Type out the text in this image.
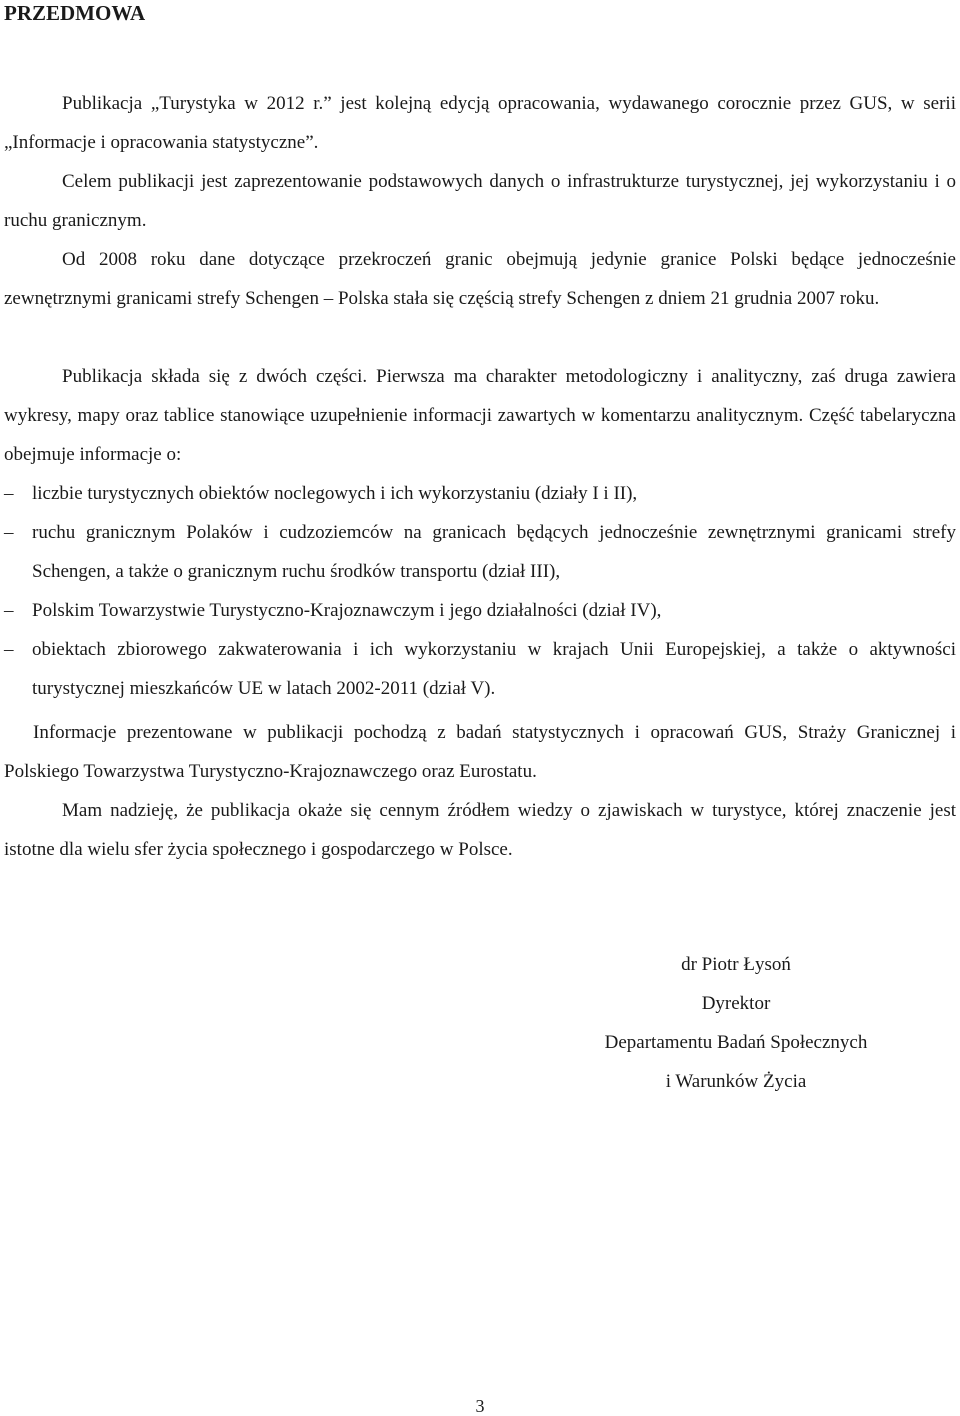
PRZEDMOWA

Publikacja „Turystyka w 2012 r.” jest kolejną edycją opracowania, wydawanego corocznie przez GUS, w serii „Informacje i opracowania statystyczne”.

Celem publikacji jest zaprezentowanie podstawowych danych o infrastrukturze turystycznej, jej wykorzystaniu i o ruchu granicznym.

Od 2008 roku dane dotyczące przekroczeń granic obejmują jedynie granice Polski będące jednocześnie zewnętrznymi granicami strefy Schengen – Polska stała się częścią strefy Schengen z dniem 21 grudnia 2007 roku.

Publikacja składa się z dwóch części. Pierwsza ma charakter metodologiczny i analityczny, zaś druga zawiera wykresy, mapy oraz tablice stanowiące uzupełnienie informacji zawartych w komentarzu analitycznym. Część tabelaryczna obejmuje informacje o:

– liczbie turystycznych obiektów noclegowych i ich wykorzystaniu (działy I i II),
– ruchu granicznym Polaków i cudzoziemców na granicach będących jednocześnie zewnętrznymi granicami strefy Schengen, a także o granicznym ruchu środków transportu (dział III),
– Polskim Towarzystwie Turystyczno-Krajoznawczym i jego działalności (dział IV),
– obiektach zbiorowego zakwaterowania i ich wykorzystaniu w krajach Unii Europejskiej, a także o aktywności turystycznej mieszkańców UE w latach 2002-2011 (dział V).

Informacje prezentowane w publikacji pochodzą z badań statystycznych i opracowań GUS, Straży Granicznej i Polskiego Towarzystwa Turystyczno-Krajoznawczego oraz Eurostatu.

Mam nadzieję, że publikacja okaże się cennym źródłem wiedzy o zjawiskach w turystyce, której znaczenie jest istotne dla wielu sfer życia społecznego i gospodarczego w Polsce.

dr Piotr Łysoń
Dyrektor
Departamentu Badań Społecznych
i Warunków Życia
3
